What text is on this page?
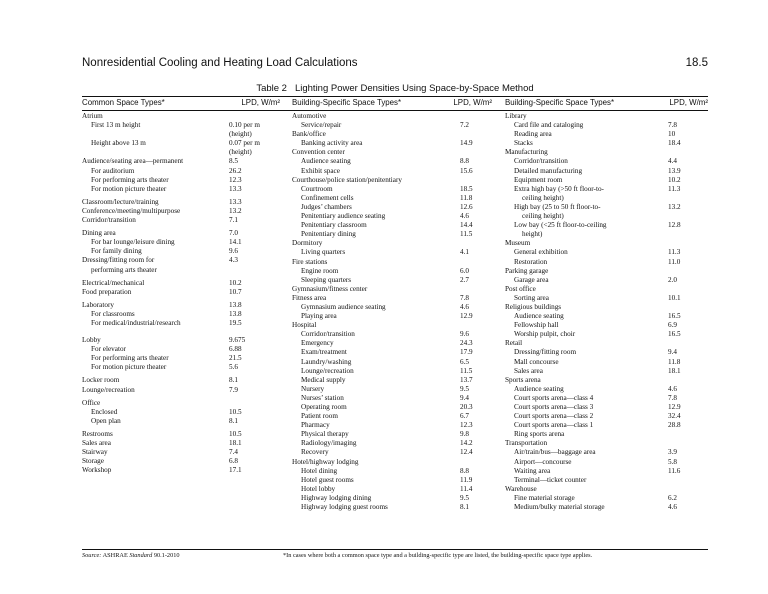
Nonresidential Cooling and Heating Load Calculations	18.5
Table 2 Lighting Power Densities Using Space-by-Space Method
Common Space Types*	LPD, W/m² Building-Specific Space Types*	LPD, W/m² Building-Specific Space Types*	LPD, W/m²
Atrium
First 13 m height	0.10 per m
(height)
Height above 13 m	0.07 per m
(height)
Audience/seating area—permanent	8.5
For auditorium	26.2
For performing arts theater	12.3
For motion picture theater	13.3
Classroom/lecture/training	13.3
Conference/meeting/multipurpose	13.2
Corridor/transition	7.1
Dining area	7.0
For bar lounge/leisure dining	14.1
For family dining	9.6
Dressing/fitting room for	4.3
performing arts theater
Electrical/mechanical	10.2
Food preparation	10.7
Laboratory	13.8
For classrooms	13.8
For medical/industrial/research	19.5
Lobby	9.675
For elevator	6.88
For performing arts theater	21.5
For motion picture theater	5.6
Locker room	8.1
Lounge/recreation	7.9
Office
Enclosed	10.5
Open plan	8.1
Restrooms	10.5
Sales area	18.1
Stairway	7.4
Storage	6.8
Workshop	17.1
Automotive
Service/repair	7.2
Bank/office
Banking activity area	14.9
Convention center
Audience seating	8.8
Exhibit space	15.6
Courthouse/police station/penitentiary
Courtroom	18.5
Confinement cells	11.8
Judges’ chambers	12.6
Penitentiary audience seating	4.6
Penitentiary classroom	14.4
Penitentiary dining	11.5
Dormitory
Living quarters	4.1
Fire stations
Engine room	6.0
Sleeping quarters	2.7
Gymnasium/fitness center
Fitness area	7.8
Gymnasium audience seating	4.6
Playing area	12.9
Hospital
Corridor/transition	9.6
Emergency	24.3
Exam/treatment	17.9
Laundry/washing	6.5
Lounge/recreation	11.5
Medical supply	13.7
Nursery	9.5
Nurses’ station	9.4
Operating room	20.3
Patient room	6.7
Pharmacy	12.3
Physical therapy	9.8
Radiology/imaging	14.2
Recovery	12.4
Hotel/highway lodging
Hotel dining	8.8
Hotel guest rooms	11.9
Hotel lobby	11.4
Highway lodging dining	9.5
Highway lodging guest rooms	8.1
Library
Card file and cataloging	7.8
Reading area	10
Stacks	18.4
Manufacturing
Corridor/transition	4.4
Detailed manufacturing	13.9
Equipment room	10.2
Extra high bay (>50 ft floor-to-	11.3
ceiling height)
High bay (25 to 50 ft floor-to-	13.2
ceiling height)
Low bay (<25 ft floor-to-ceiling	12.8
height)
Museum
General exhibition	11.3
Restoration	11.0
Parking garage
Garage area	2.0
Post office
Sorting area	10.1
Religious buildings
Audience seating	16.5
Fellowship hall	6.9
Worship pulpit, choir	16.5
Retail
Dressing/fitting room	9.4
Mall concourse	11.8
Sales area	18.1
Sports arena
Audience seating	4.6
Court sports arena—class 4	7.8
Court sports arena—class 3	12.9
Court sports arena—class 2	32.4
Court sports arena—class 1	28.8
Ring sports arena
Transportation
Air/train/bus—baggage area	3.9
Airport—concourse	5.8
Waiting area	11.6
Terminal—ticket counter
Warehouse
Fine material storage	6.2
Medium/bulky material storage	4.6
Source: ASHRAE Standard 90.1-2010	*In cases where both a common space type and a building-specific type are listed, the building-specific space type applies.
